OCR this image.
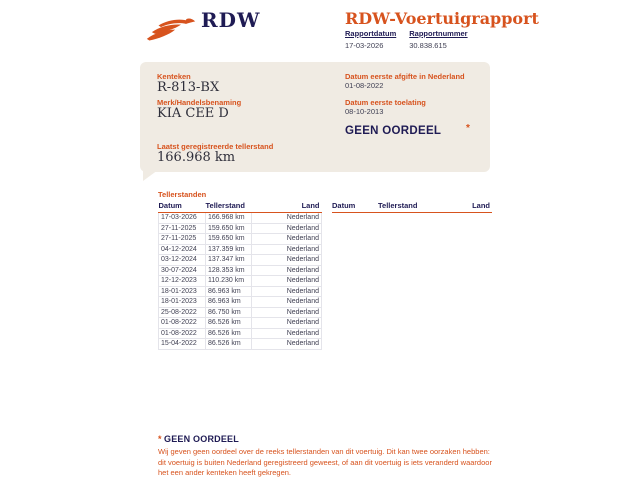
RDW	RDW-Voertuigrapport
Rapportdatum
17-03-2026
Rapportnummer
30.838.615
Kenteken
R-813-BX
Merk/Handelsbenaming
KIA CEE D
Laatst geregistreerde tellerstand
166.968 km
Datum eerste afgifte in Nederland
01-08-2022
Datum eerste toelating
08-10-2013
GEEN OORDEEL *
Tellerstanden
Datum	Tellerstand	Land
17-03-2026	166.968 km	Nederland
27-11-2025	159.650 km	Nederland
27-11-2025	159.650 km	Nederland
04-12-2024	137.359 km	Nederland
03-12-2024	137.347 km	Nederland
30-07-2024	128.353 km	Nederland
12-12-2023	110.230 km	Nederland
18-01-2023	86.963 km	Nederland
18-01-2023	86.963 km	Nederland
25-08-2022	86.750 km	Nederland
01-08-2022	86.526 km	Nederland
01-08-2022	86.526 km	Nederland
15-04-2022	86.526 km	Nederland
Datum	Tellerstand	Land
* GEEN OORDEEL
Wij geven geen oordeel over de reeks tellerstanden van dit voertuig. Dit kan twee oorzaken hebben: dit voertuig is buiten Nederland geregistreerd geweest, of aan dit voertuig is iets veranderd waardoor het een ander kenteken heeft gekregen.
